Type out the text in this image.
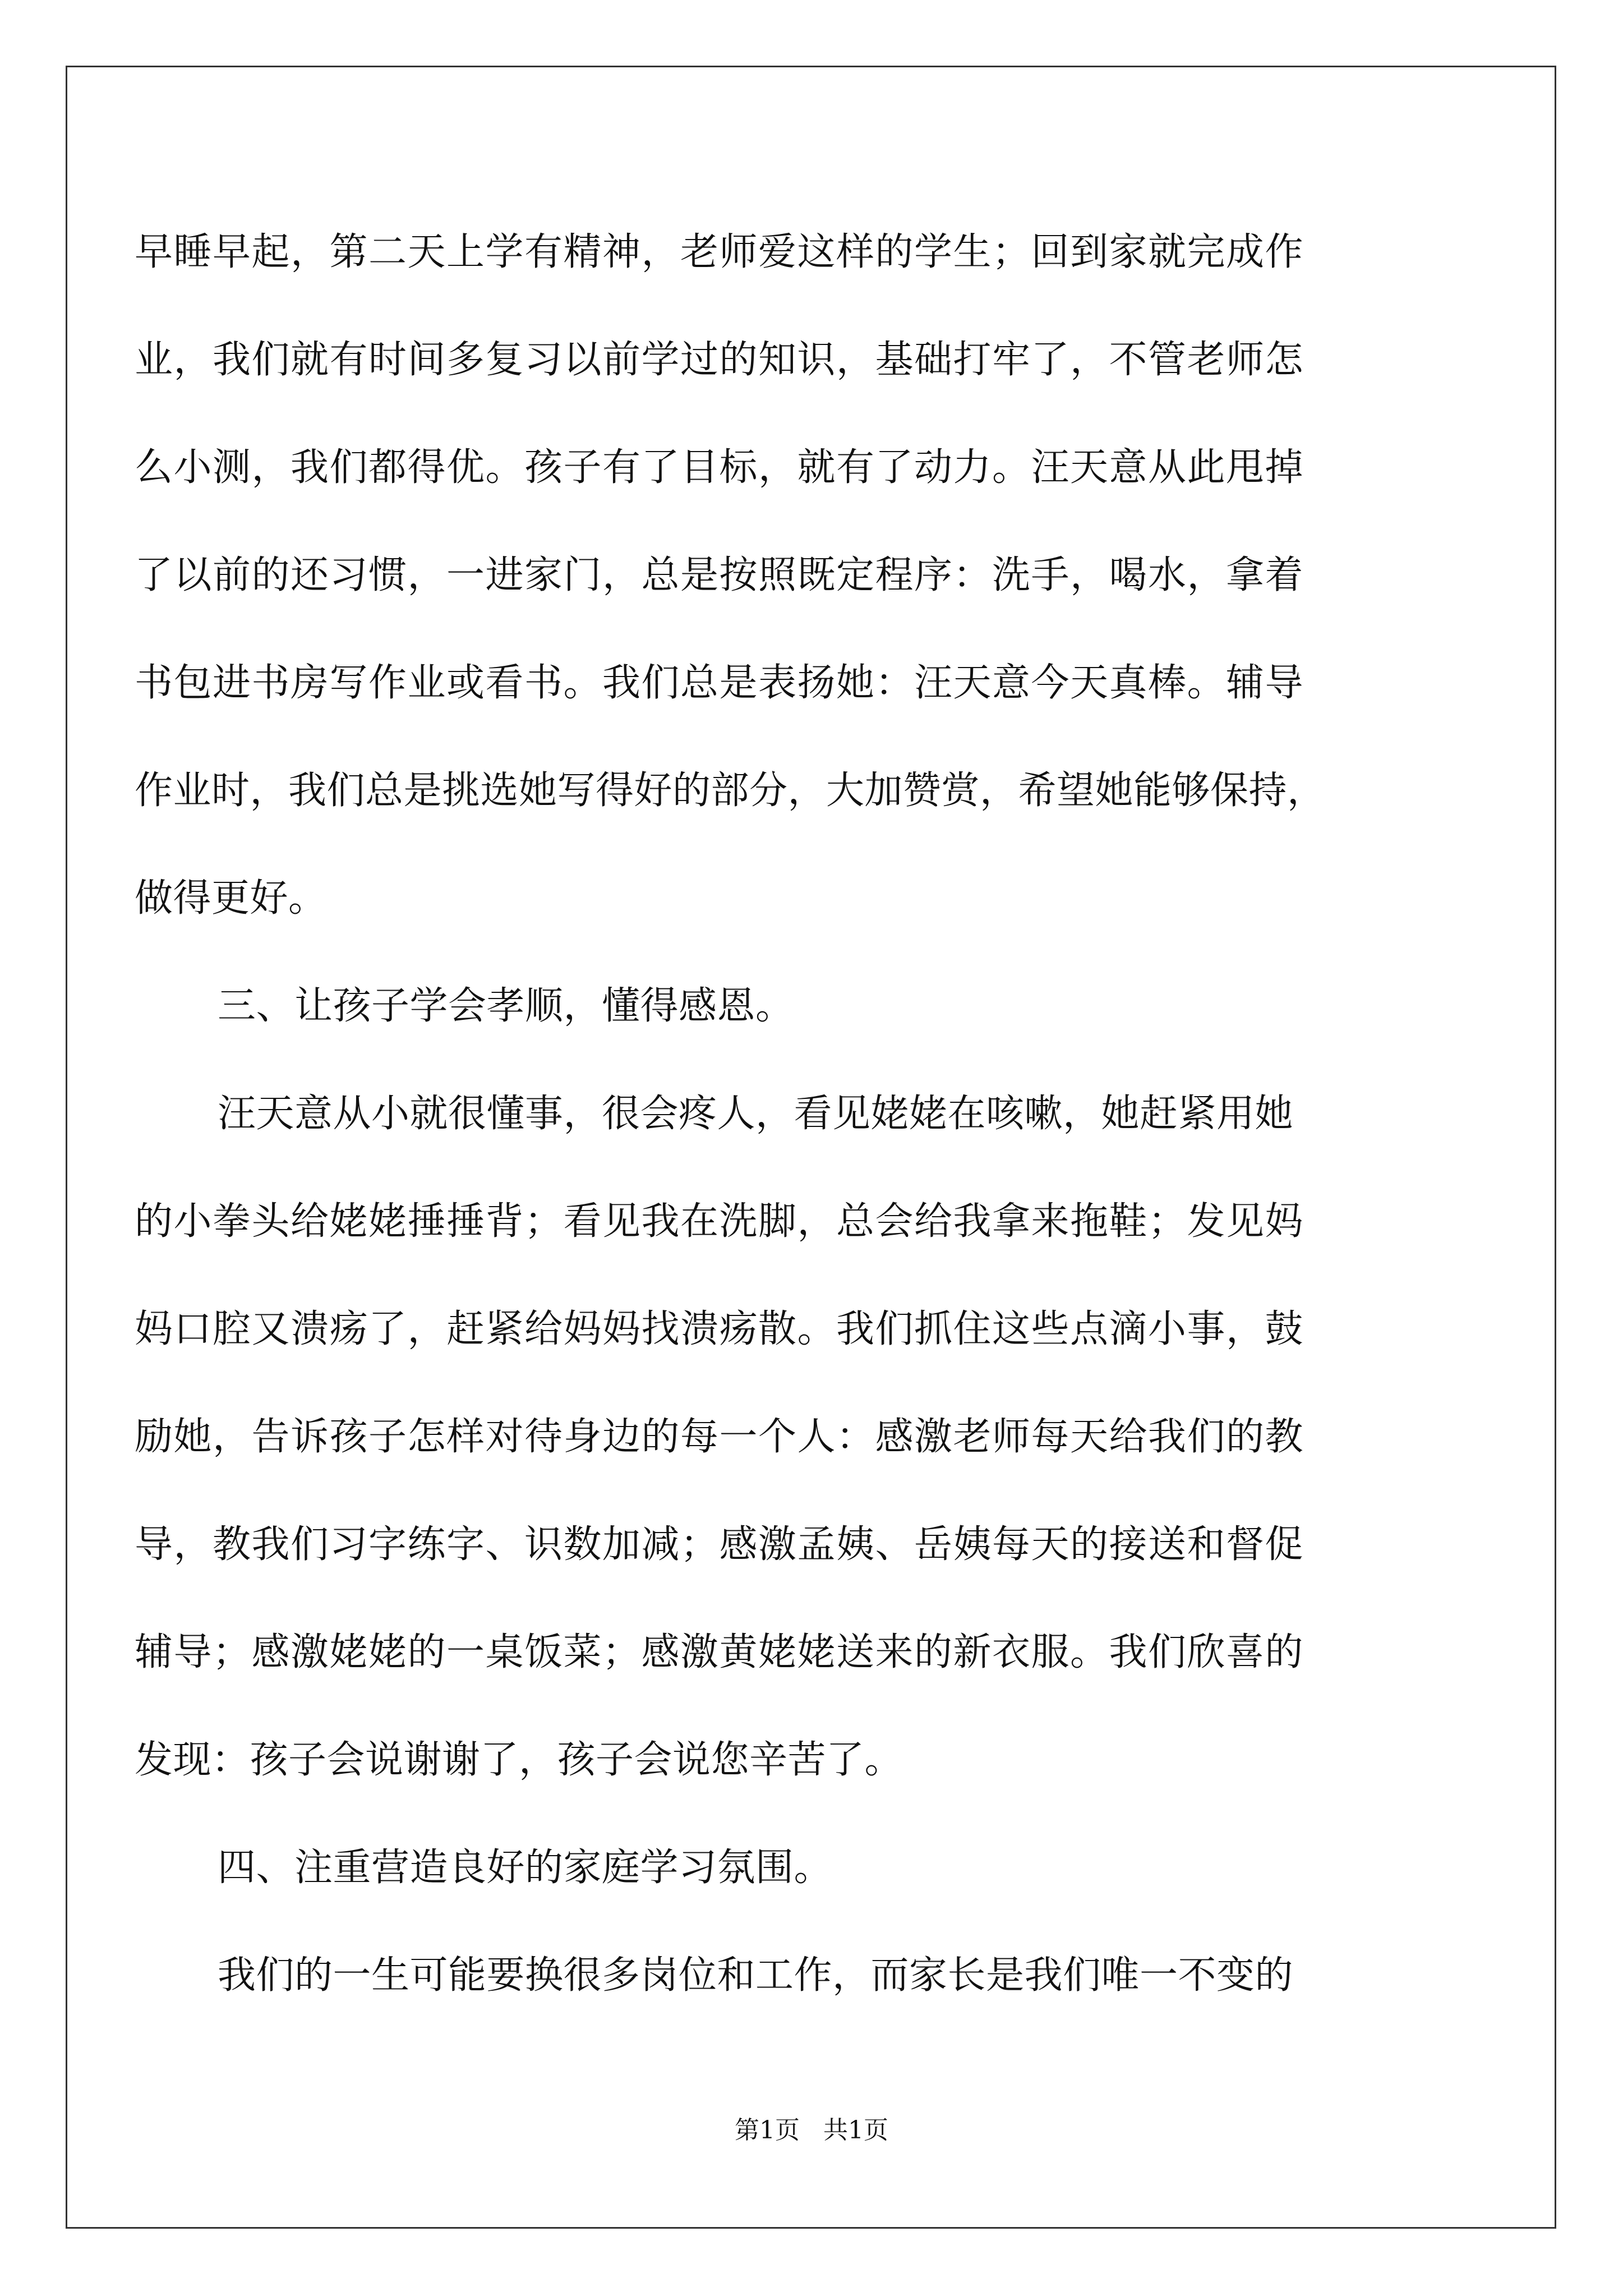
早睡早起，第二天上学有精神，老师爱这样的学生；回到家就完成作
业，我们就有时间多复习以前学过的知识，基础打牢了，不管老师怎
么小测，我们都得优。孩子有了目标，就有了动力。汪天意从此甩掉
了以前的还习惯，一进家门，总是按照既定程序：洗手，喝水，拿着
书包进书房写作业或看书。我们总是表扬她：汪天意今天真棒。辅导
作业时，我们总是挑选她写得好的部分，大加赞赏，希望她能够保持，
做得更好。
三、让孩子学会孝顺，懂得感恩。
汪天意从小就很懂事，很会疼人，看见姥姥在咳嗽，她赶紧用她
的小拳头给姥姥捶捶背；看见我在洗脚，总会给我拿来拖鞋；发见妈
妈口腔又溃疡了，赶紧给妈妈找溃疡散。我们抓住这些点滴小事，鼓
励她，告诉孩子怎样对待身边的每一个人：感激老师每天给我们的教
导，教我们习字练字、识数加减；感激孟姨、岳姨每天的接送和督促
辅导；感激姥姥的一桌饭菜；感激黄姥姥送来的新衣服。我们欣喜的
发现：孩子会说谢谢了，孩子会说您辛苦了。
四、注重营造良好的家庭学习氛围。
我们的一生可能要换很多岗位和工作，而家长是我们唯一不变的
第1页   共1页
